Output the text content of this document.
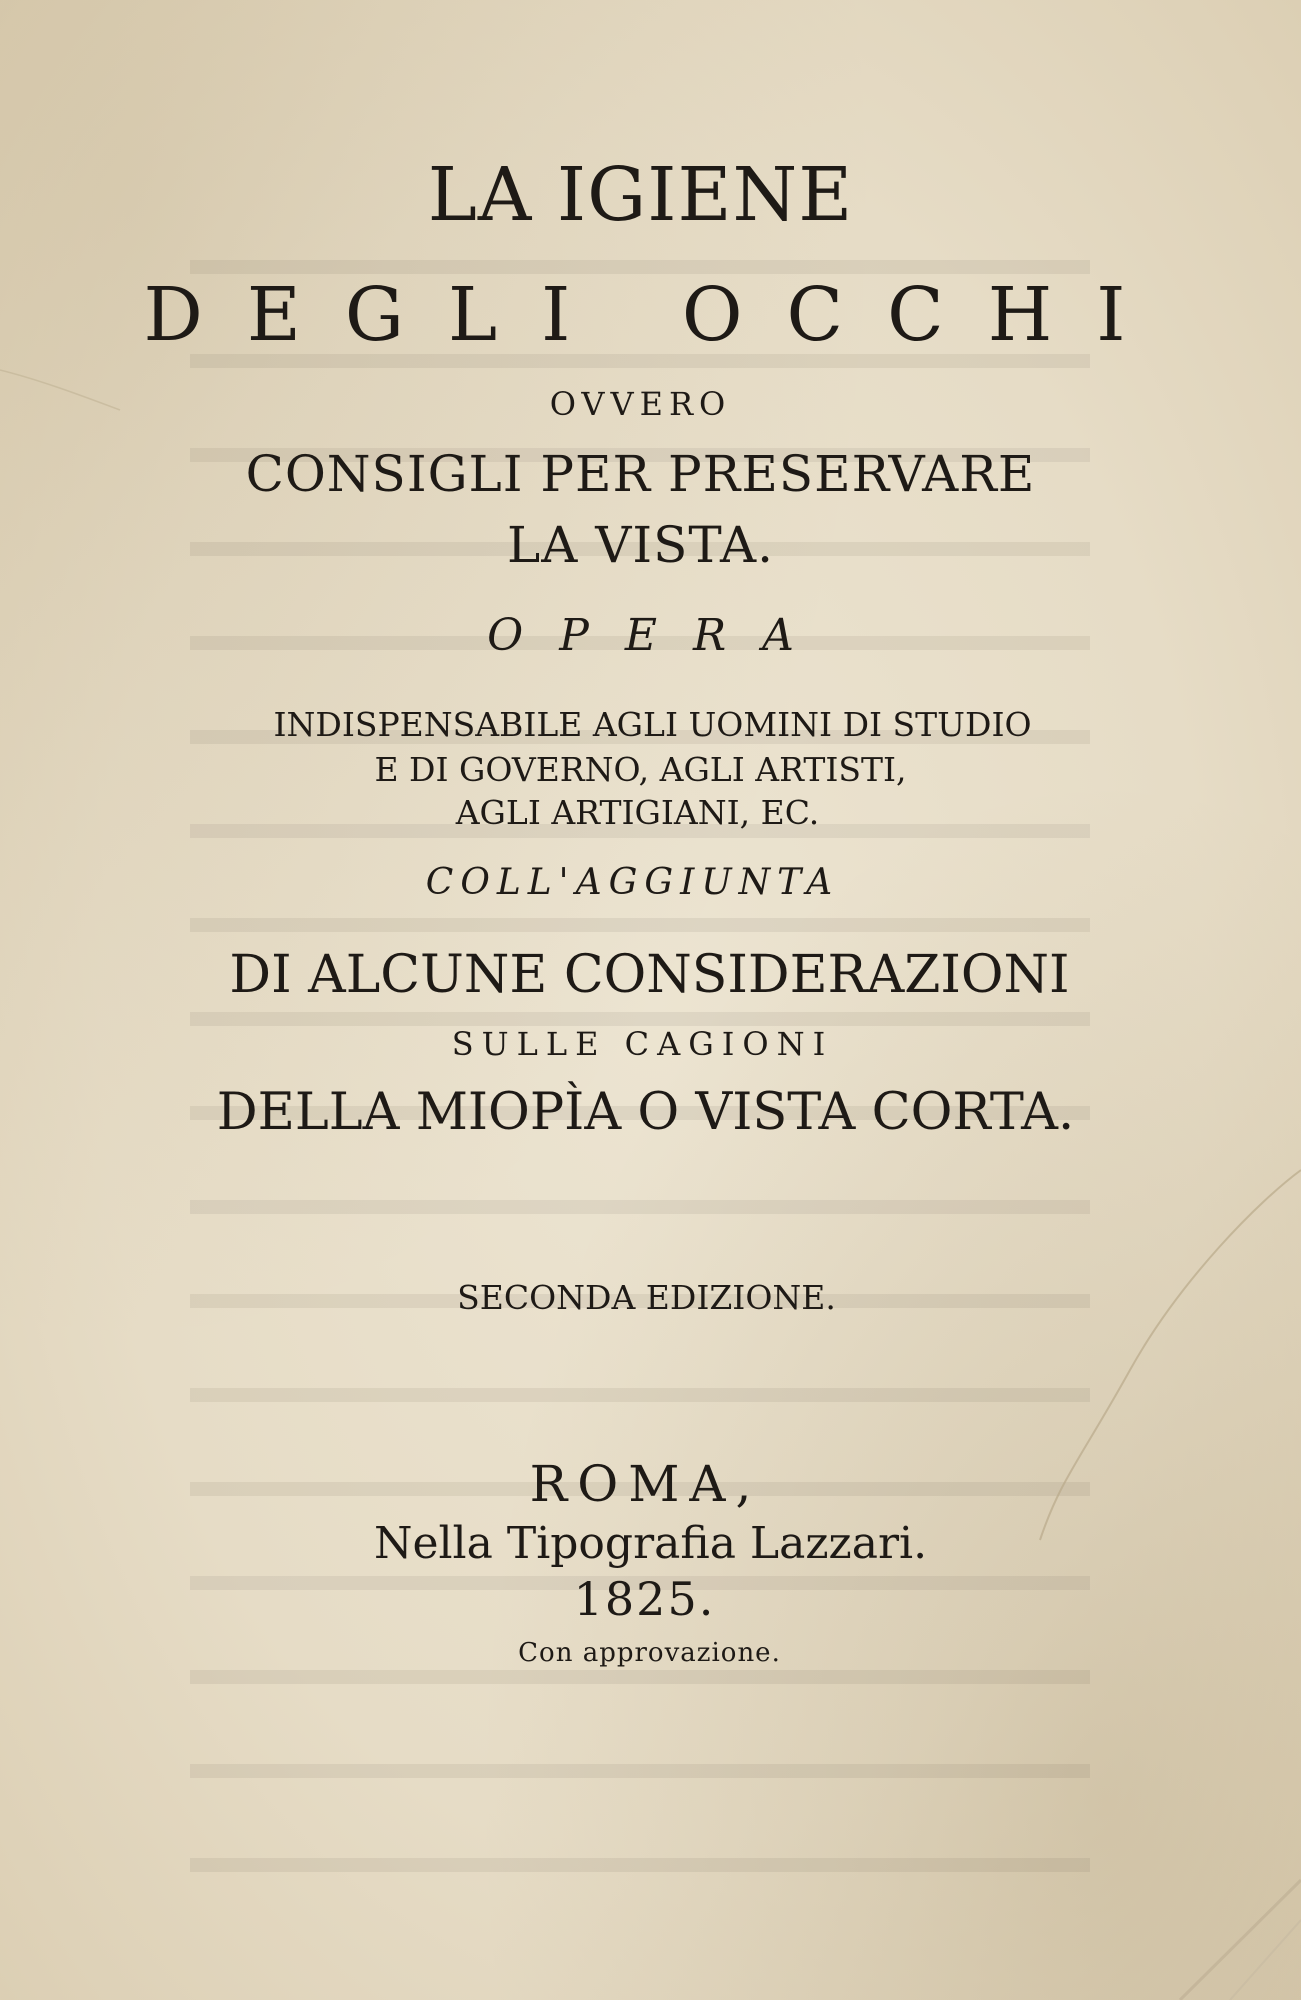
LA IGIENE
DEGLI OCCHI
OVVERO
CONSIGLI PER PRESERVARE
LA VISTA.
OPERA
INDISPENSABILE AGLI UOMINI DI STUDIO
E DI GOVERNO, AGLI ARTISTI,
AGLI ARTIGIANI, EC.
COLL'AGGIUNTA
DI ALCUNE CONSIDERAZIONI
SULLE CAGIONI
DELLA MIOPÌA O VISTA CORTA.
SECONDA EDIZIONE.
ROMA,
Nella Tipografia Lazzari.
1825.
Con approvazione.
